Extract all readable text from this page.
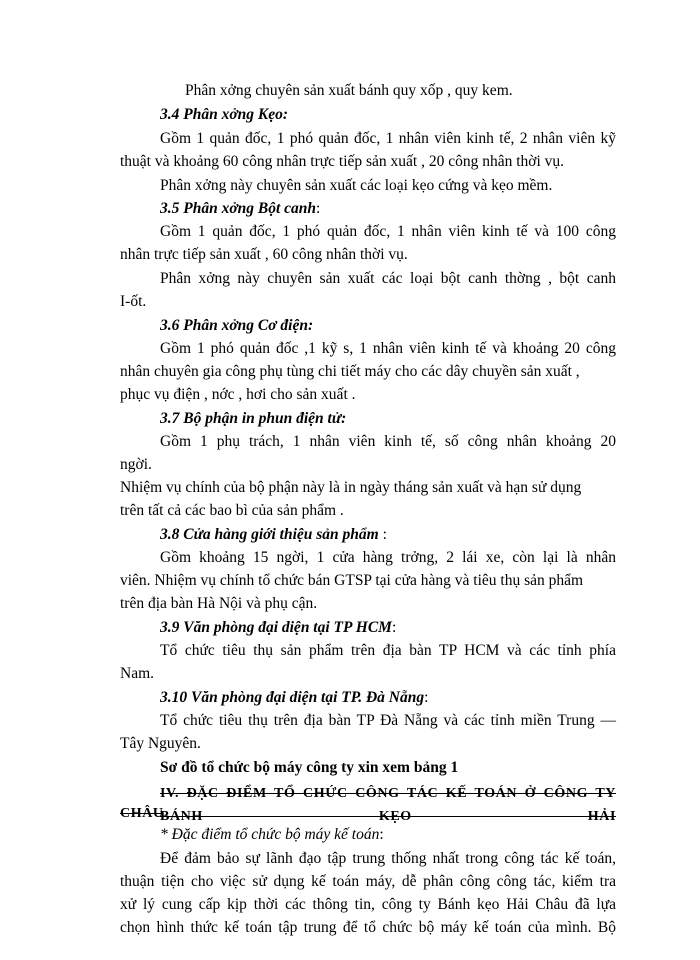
Phân xởng chuyên sản xuất bánh quy xốp , quy kem.
3.4 Phân xởng Kẹo:
Gồm 1 quản đốc, 1 phó quản đốc, 1 nhân viên kinh tế, 2 nhân viên kỹ
thuật và khoảng 60 công nhân trực tiếp sản xuất , 20 công nhân thời vụ.
Phân xởng này chuyên sản xuất các loại kẹo cứng và kẹo mềm.
3.5 Phân xởng Bột canh:
Gồm 1 quản đốc, 1 phó quản đốc, 1 nhân viên kinh tế và 100 công
nhân trực tiếp sản xuất , 60 công nhân thời vụ.
Phân xởng này chuyên sản xuất các loại bột canh thờng , bột canh
I-ốt.
3.6 Phân xởng Cơ điện:
Gồm 1 phó quản đốc ,1 kỹ s, 1 nhân viên kinh tế và khoảng 20 công
nhân chuyên gia công phụ tùng chi tiết máy cho các dây chuyền sản xuất ,
phục vụ điện , nớc , hơi cho sản xuất .
3.7 Bộ phận in phun điện tử:
Gồm 1 phụ trách, 1 nhân viên kinh tế, số công nhân khoảng 20
ngời.
Nhiệm vụ chính của bộ phận này là in ngày tháng sản xuất và hạn sử dụng
trên tất cả các bao bì của sản phẩm .
3.8 Cửa hàng giới thiệu sản phẩm :
Gồm khoảng 15 ngời, 1 cửa hàng trởng, 2 lái xe, còn lại là nhân
viên. Nhiệm vụ chính tổ chức bán GTSP tại cửa hàng và tiêu thụ sản phẩm
trên địa bàn Hà Nội và phụ cận.
3.9 Văn phòng đại diện tại TP HCM:
Tổ chức tiêu thụ sản phẩm trên địa bàn TP HCM và các tỉnh phía
Nam.
3.10 Văn phòng đại diện tại TP. Đà Nẵng:
Tổ chức tiêu thụ trên địa bàn TP Đà Nẵng và các tỉnh miền Trung —
Tây Nguyên.
Sơ đồ tổ chức bộ máy công ty xin xem bảng 1
IV. ĐẶC ĐIỂM TỔ CHỨC CÔNG TÁC KẾ TOÁN Ở CÔNG TY BÁNH KẸO HẢI
CHÂU
* Đặc điểm tổ chức bộ máy kế toán:
Để đảm bảo sự lãnh đạo tập trung thống nhất trong công tác kế toán,
thuận tiện cho việc sử dụng kế toán máy, dễ phân công công tác, kiểm tra
xử lý cung cấp kịp thời các thông tin, công ty Bánh kẹo Hải Châu đã lựa
chọn hình thức kế toán tập trung để tổ chức bộ máy kế toán của mình. Bộ
